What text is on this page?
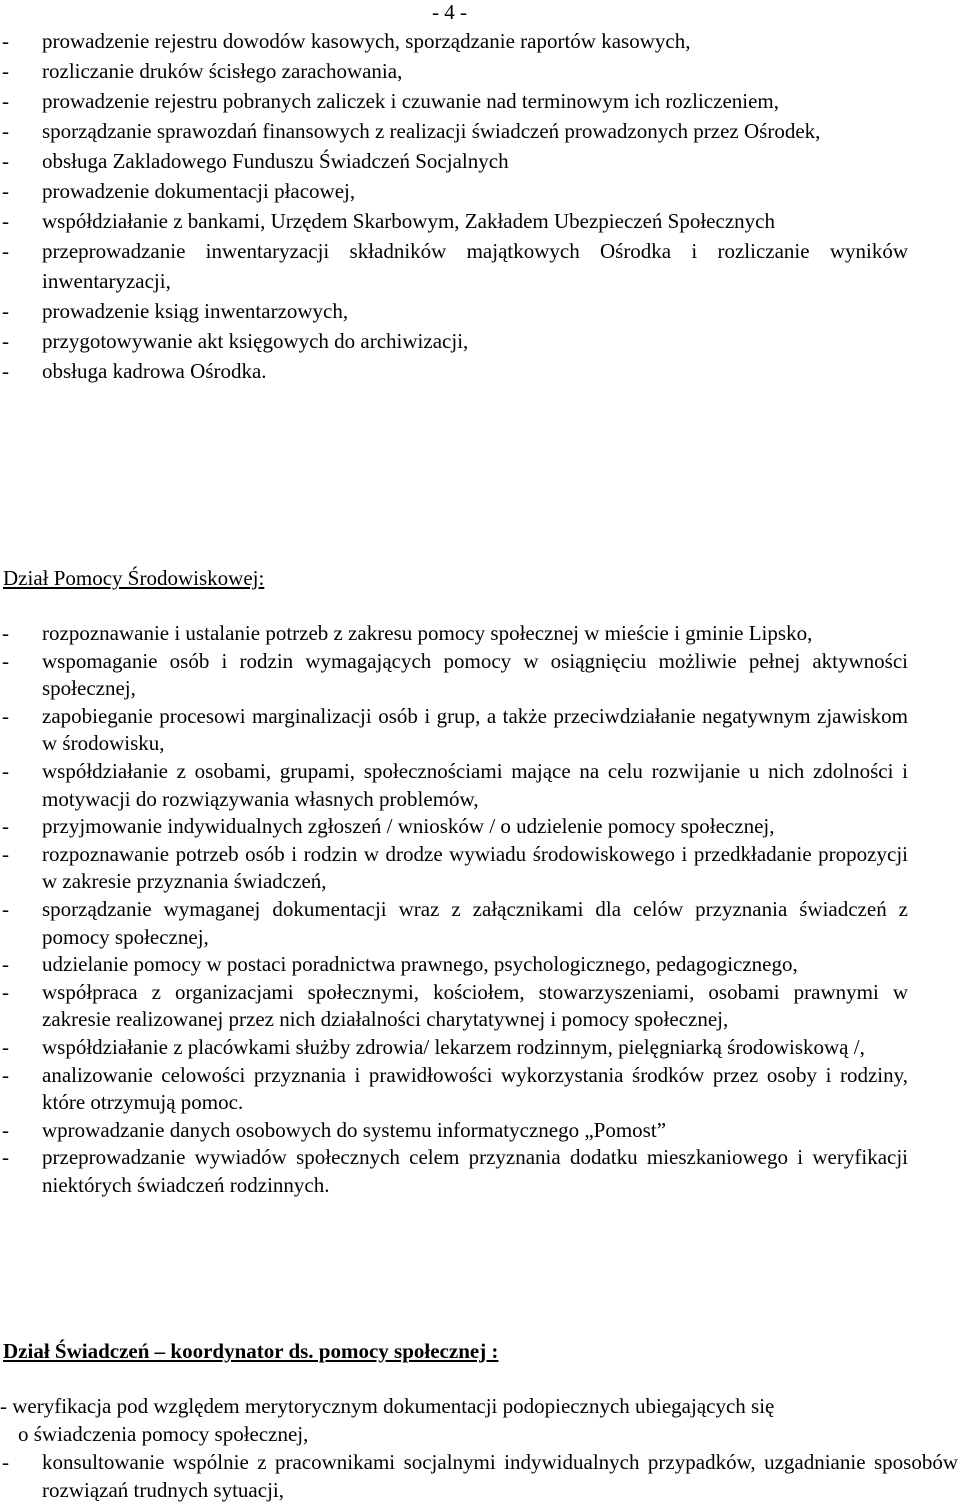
- 4 -
- prowadzenie rejestru dowodów kasowych, sporządzanie raportów kasowych,
- rozliczanie druków ścisłego zarachowania,
- prowadzenie rejestru pobranych zaliczek i czuwanie nad terminowym ich rozliczeniem,
- sporządzanie sprawozdań finansowych z realizacji świadczeń prowadzonych przez Ośrodek,
- obsługa Zakladowego Funduszu Świadczeń Socjalnych
- prowadzenie dokumentacji płacowej,
- współdziałanie z bankami, Urzędem Skarbowym, Zakładem Ubezpieczeń Społecznych
- przeprowadzanie inwentaryzacji składników majątkowych Ośrodka i rozliczanie wyników inwentaryzacji,
- prowadzenie ksiąg inwentarzowych,
- przygotowywanie akt księgowych do archiwizacji,
- obsługa kadrowa Ośrodka.
Dział Pomocy Środowiskowej:
- rozpoznawanie i ustalanie potrzeb z zakresu pomocy społecznej w mieście i gminie Lipsko,
- wspomaganie osób i rodzin wymagających pomocy w osiągnięciu możliwie pełnej aktywności społecznej,
- zapobieganie procesowi marginalizacji osób i grup, a także przeciwdziałanie negatywnym zjawiskom w środowisku,
- współdziałanie z osobami, grupami, społecznościami mające na celu rozwijanie u nich zdolności i motywacji do rozwiązywania własnych problemów,
- przyjmowanie indywidualnych zgłoszeń / wniosków / o udzielenie pomocy społecznej,
- rozpoznawanie potrzeb osób i rodzin w drodze wywiadu środowiskowego i przedkładanie propozycji w zakresie przyznania świadczeń,
- sporządzanie wymaganej dokumentacji wraz z załącznikami dla celów przyznania świadczeń z pomocy społecznej,
- udzielanie pomocy w postaci poradnictwa prawnego, psychologicznego, pedagogicznego,
- współpraca z organizacjami społecznymi, kościołem, stowarzyszeniami, osobami prawnymi w zakresie realizowanej przez nich działalności charytatywnej i pomocy społecznej,
- współdziałanie z placówkami służby zdrowia/ lekarzem rodzinnym, pielęgniarką środowiskową /,
- analizowanie celowości przyznania i prawidłowości wykorzystania środków przez osoby i rodziny, które otrzymują pomoc.
- wprowadzanie danych osobowych do systemu informatycznego „Pomost”
- przeprowadzanie wywiadów społecznych celem przyznania dodatku mieszkaniowego i weryfikacji niektórych świadczeń rodzinnych.
Dział Świadczeń – koordynator ds. pomocy społecznej :
- weryfikacja pod względem merytorycznym dokumentacji podopiecznych ubiegających się
o świadczenia pomocy społecznej,
- konsultowanie wspólnie z pracownikami socjalnymi indywidualnych przypadków, uzgadnianie sposobów rozwiązań trudnych sytuacji,
